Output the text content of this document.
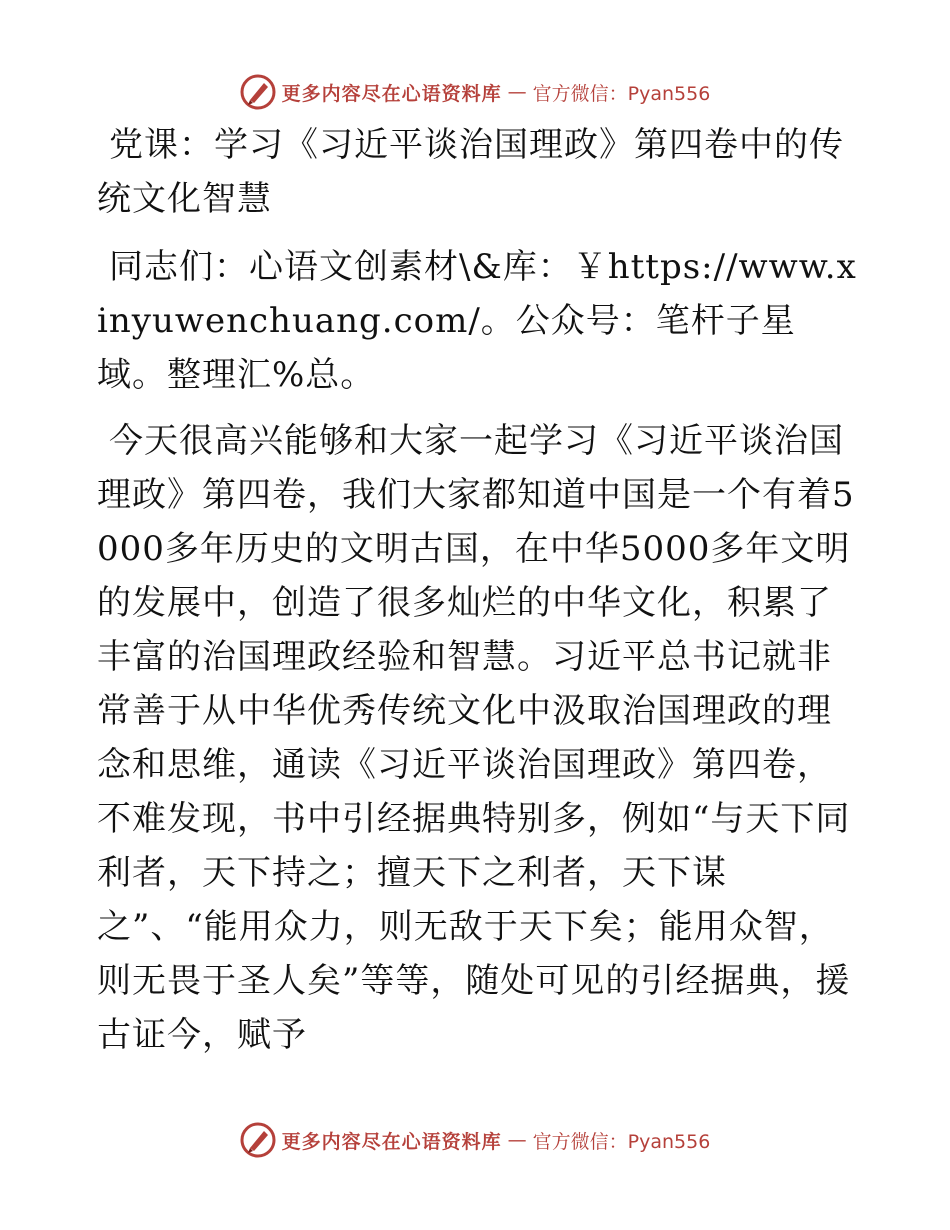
更多内容尽在心语资料库 — 官方微信：Pyan556

党课：学习《习近平谈治国理政》第四卷中的传统文化智慧

同志们：心语文创素材\&库：￥https://www.xinyuwenchuang.com/。公众号：笔杆子星域。整理汇%总。

今天很高兴能够和大家一起学习《习近平谈治国理政》第四卷，我们大家都知道中国是一个有着5000多年历史的文明古国，在中华5000多年文明的发展中，创造了很多灿烂的中华文化，积累了丰富的治国理政经验和智慧。习近平总书记就非常善于从中华优秀传统文化中汲取治国理政的理念和思维，通读《习近平谈治国理政》第四卷，不难发现，书中引经据典特别多，例如“与天下同利者，天下持之；擅天下之利者，天下谋之”、“能用众力，则无敌于天下矣；能用众智，则无畏于圣人矣”等等，随处可见的引经据典，援古证今，赋予

更多内容尽在心语资料库 — 官方微信：Pyan556
